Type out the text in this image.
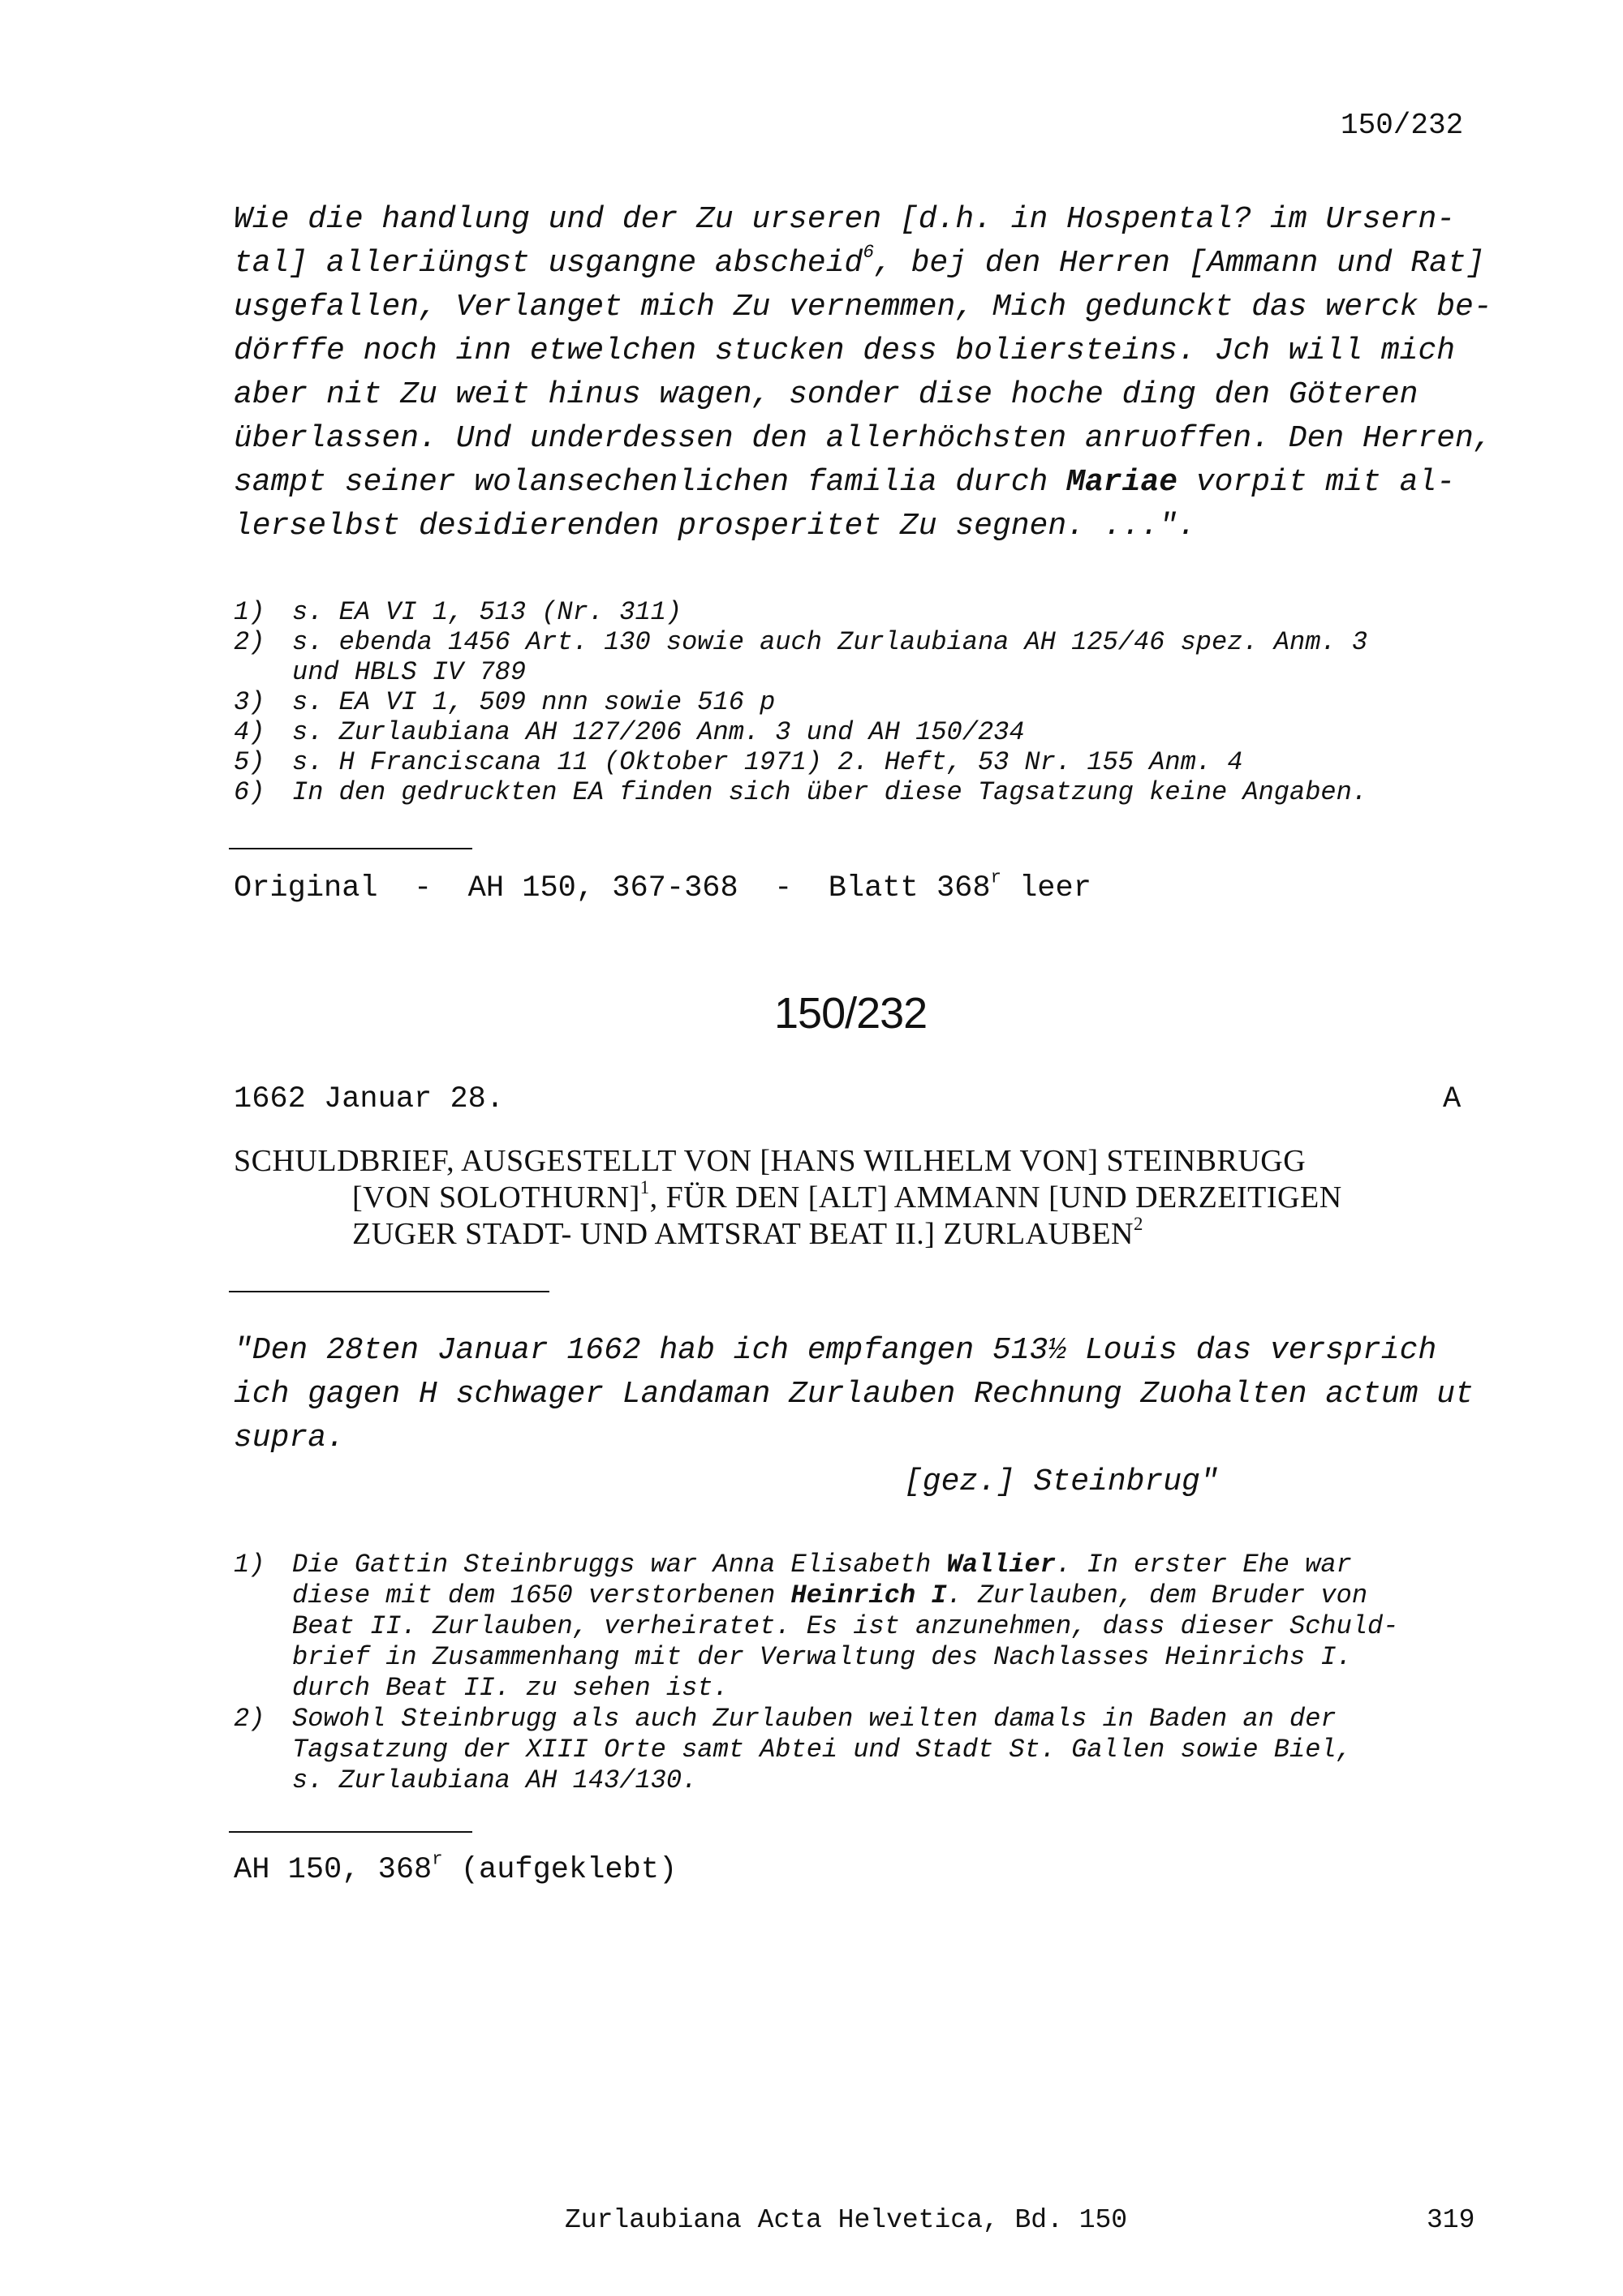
150/232
Wie die handlung und der Zu urseren [d.h. in Hospental? im Ursern-
tal] alleriüngst usgangne abscheid$^6$, bej den Herren [Ammann und Rat]
usgefallen, Verlanget mich Zu vernemmen, Mich gedunckt das werck be-
dörffe noch inn etwelchen stucken dess boliersteins. Jch will mich
aber nit Zu weit hinus wagen, sonder dise hoche ding den Göteren
überlassen. Und underdessen den allerhöchsten anruoffen. Den Herren,
sampt seiner wolansechenlichen familia durch Mariae vorpit mit al-
lerselbst desidierenden prosperitet Zu segnen. ...".
1) s. EA VI 1, 513 (Nr. 311)
2) s. ebenda 1456 Art. 130 sowie auch Zurlaubiana AH 125/46 spez. Anm. 3
und HBLS IV 789
3) s. EA VI 1, 509 nnn sowie 516 p
4) s. Zurlaubiana AH 127/206 Anm. 3 und AH 150/234
5) s. H Franciscana 11 (Oktober 1971) 2. Heft, 53 Nr. 155 Anm. 4
6) In den gedruckten EA finden sich über diese Tagsatzung keine Angaben.
Original  -  AH 150, 367-368  -  Blatt 368$^r$ leer
150/232
1662 Januar 28.	A
SCHULDBRIEF, AUSGESTELLT VON [HANS WILHELM VON] STEINBRUGG
[VON SOLOTHURN]$^1$, FÜR DEN [ALT] AMMANN [UND DERZEITIGEN
ZUGER STADT- UND AMTSRAT BEAT II.] ZURLAUBEN$^2$
"Den 28ten Januar 1662 hab ich empfangen 513½ Louis das versprich
ich gagen H schwager Landaman Zurlauben Rechnung Zuohalten actum ut
supra.
[gez.] Steinbrug"
1) Die Gattin Steinbruggs war Anna Elisabeth Wallier. In erster Ehe war
diese mit dem 1650 verstorbenen Heinrich I. Zurlauben, dem Bruder von
Beat II. Zurlauben, verheiratet. Es ist anzunehmen, dass dieser Schuld-
brief in Zusammenhang mit der Verwaltung des Nachlasses Heinrichs I.
durch Beat II. zu sehen ist.
2) Sowohl Steinbrugg als auch Zurlauben weilten damals in Baden an der
Tagsatzung der XIII Orte samt Abtei und Stadt St. Gallen sowie Biel,
s. Zurlaubiana AH 143/130.
AH 150, 368$^r$ (aufgeklebt)
Zurlaubiana Acta Helvetica, Bd. 150	319
